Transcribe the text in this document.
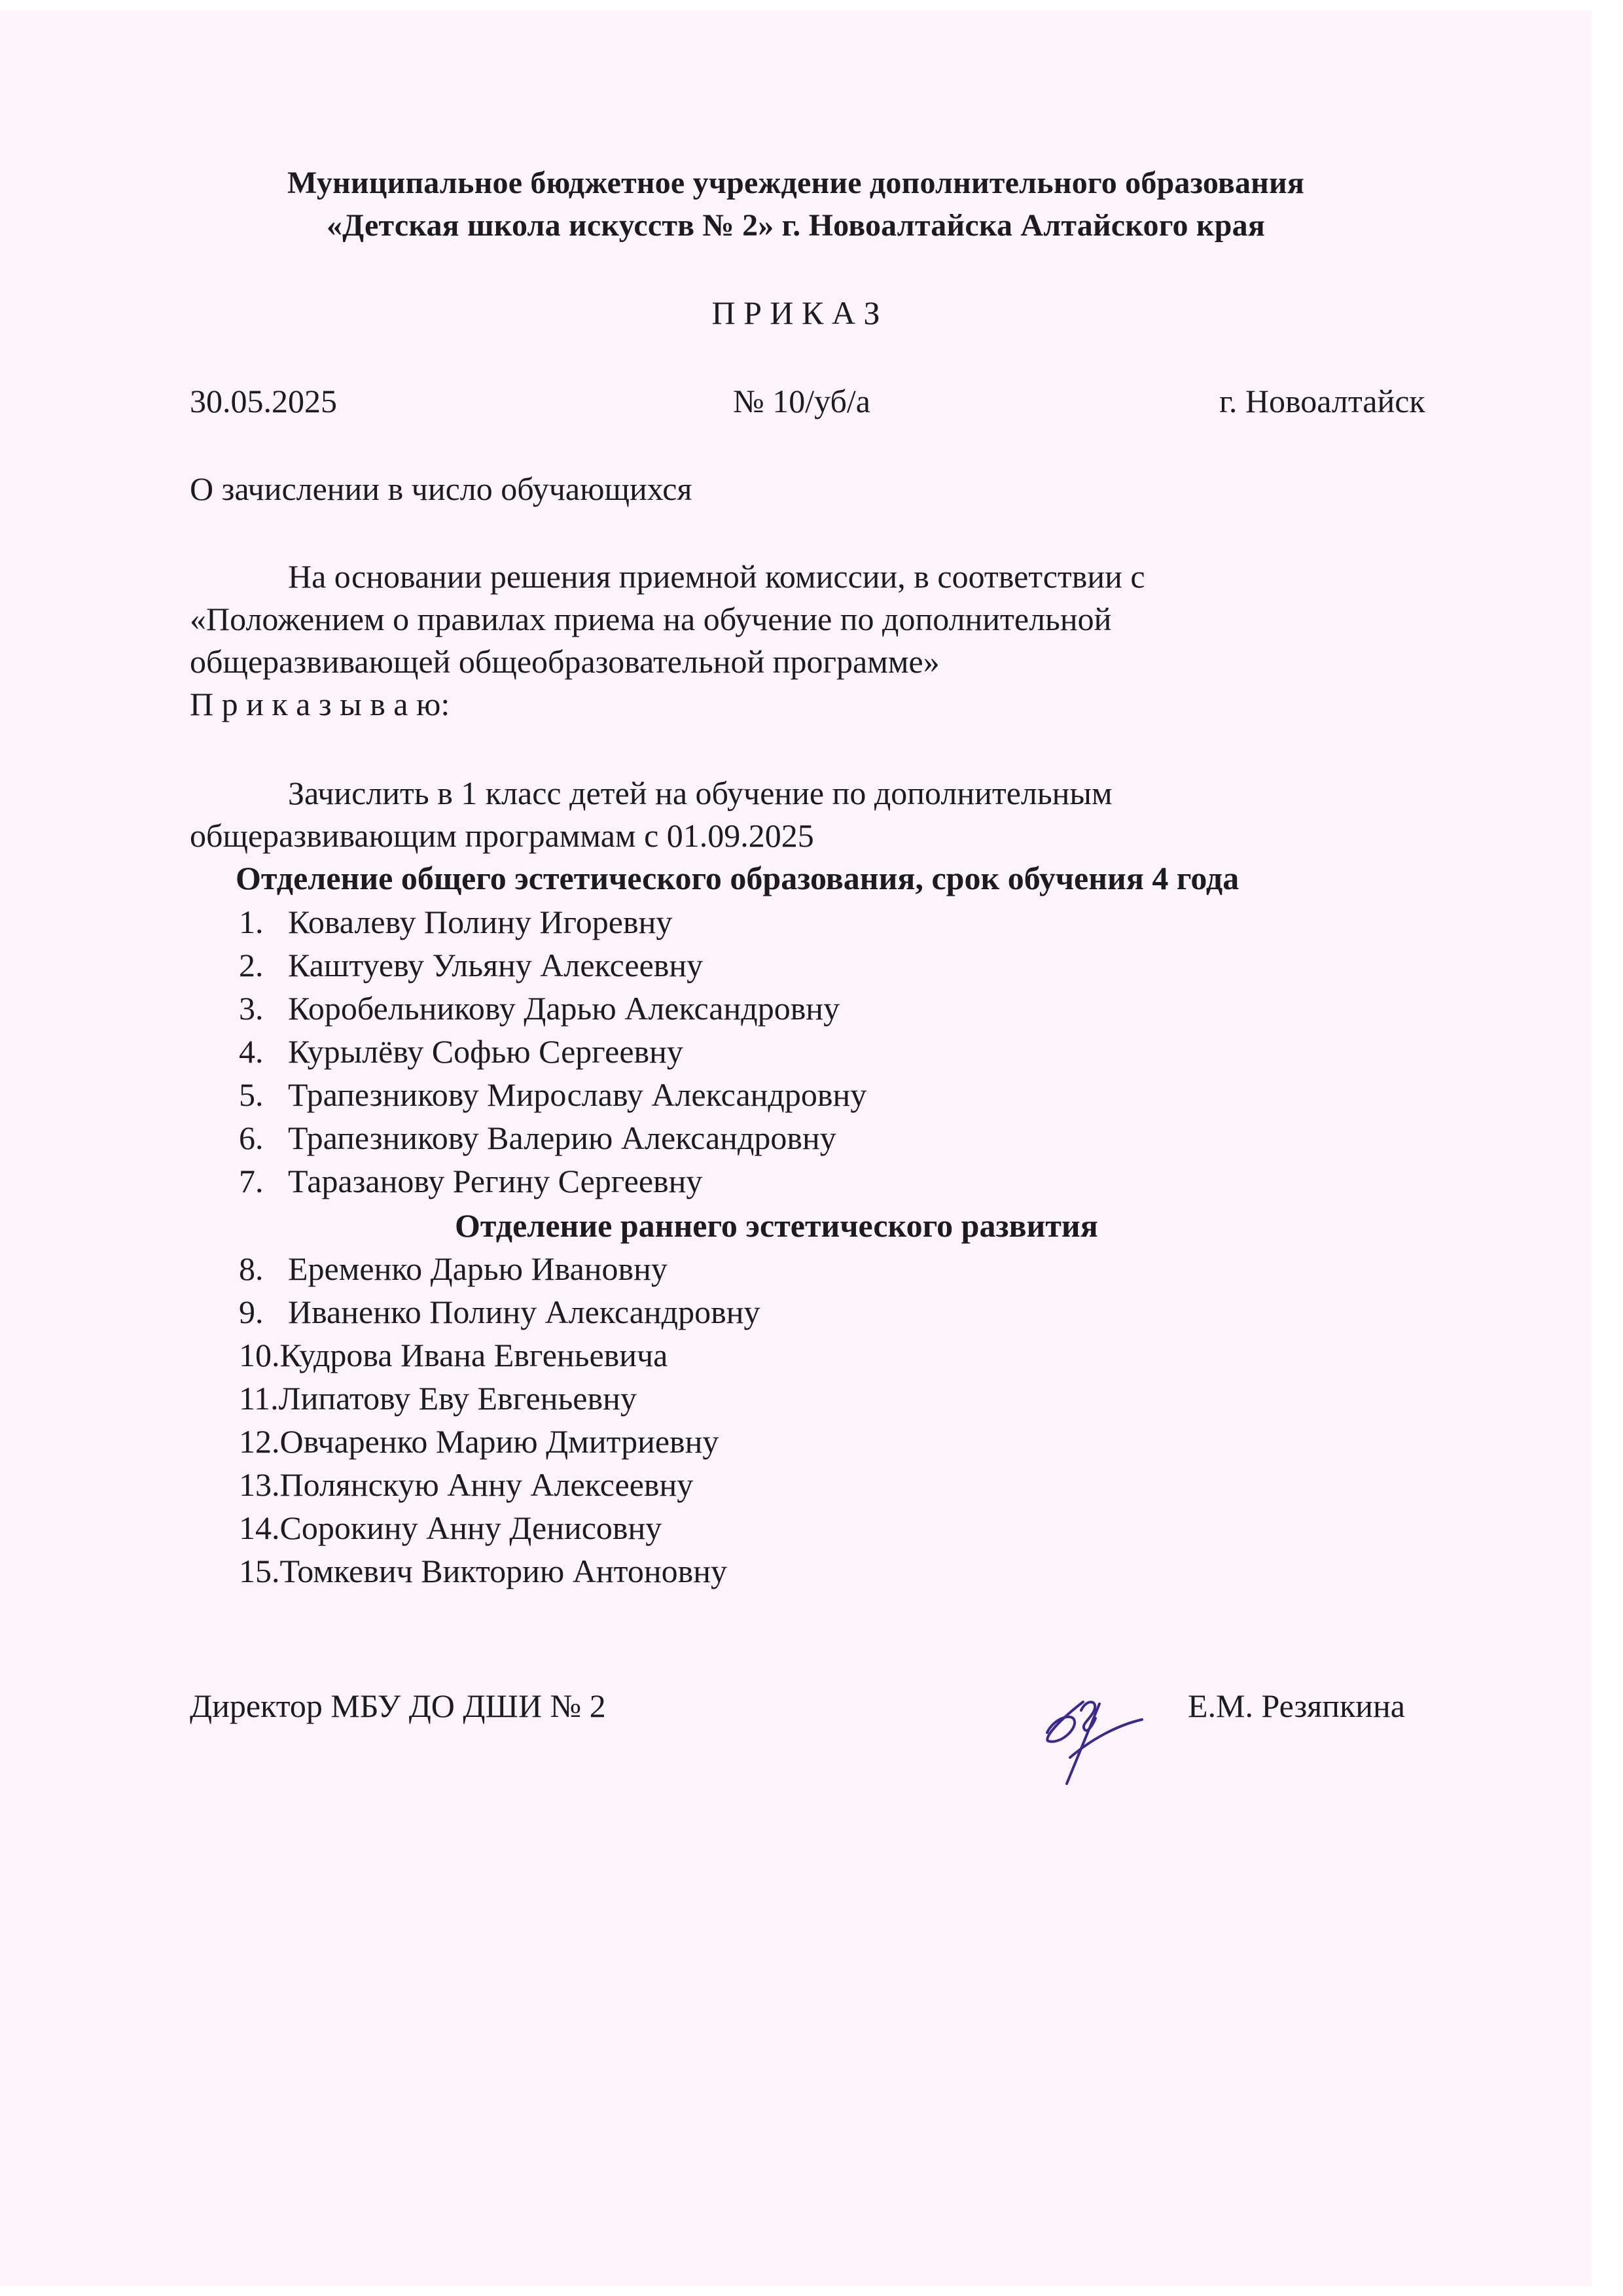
Муниципальное бюджетное учреждение дополнительного образования
«Детская школа искусств № 2» г. Новоалтайска Алтайского края
П Р И К А З
30.05.2025	№ 10/уб/а	г. Новоалтайск
О зачислении в число обучающихся
На основании решения приемной комиссии, в соответствии с
«Положением о правилах приема на обучение по дополнительной
общеразвивающей общеобразовательной программе»
П р и к а з ы в а ю:
Зачислить в 1 класс детей на обучение по дополнительным
общеразвивающим программам с 01.09.2025
Отделение общего эстетического образования, срок обучения 4 года
1. Ковалеву Полину Игоревну
2. Каштуеву Ульяну Алексеевну
3. Коробельникову Дарью Александровну
4. Курылёву Софью Сергеевну
5. Трапезникову Мирославу Александровну
6. Трапезникову Валерию Александровну
7. Таразанову Регину Сергеевну
Отделение раннего эстетического развития
8. Еременко Дарью Ивановну
9. Иваненко Полину Александровну
10.Кудрова Ивана Евгеньевича
11.Липатову Еву Евгеньевну
12.Овчаренко Марию Дмитриевну
13.Полянскую Анну Алексеевну
14.Сорокину Анну Денисовну
15.Томкевич Викторию Антоновну
Директор МБУ ДО ДШИ № 2	Е.М. Резяпкина
